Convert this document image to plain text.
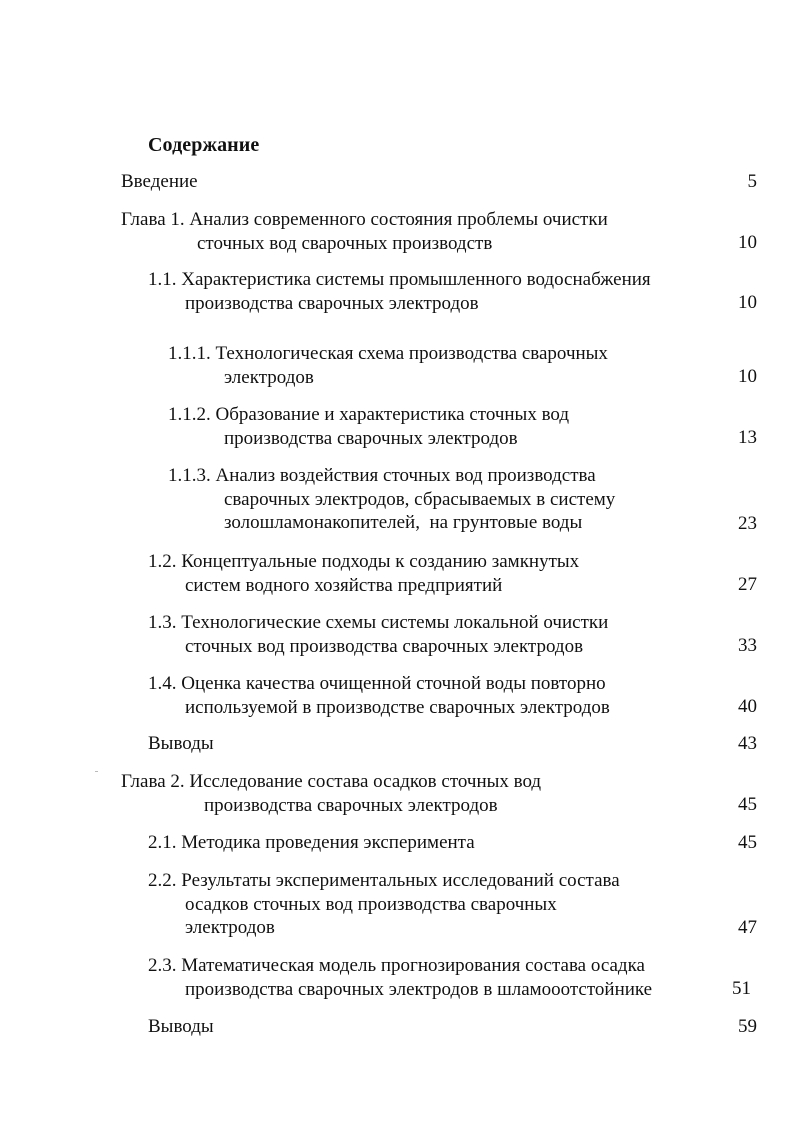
Содержание
Введение	5
Глава 1. Анализ современного состояния проблемы очистки
сточных вод сварочных производств	10
1.1. Характеристика системы промышленного водоснабжения
производства сварочных электродов	10
1.1.1. Технологическая схема производства сварочных
электродов	10
1.1.2. Образование и характеристика сточных вод
производства сварочных электродов	13
1.1.3. Анализ воздействия сточных вод производства
сварочных электродов, сбрасываемых в систему
золошламонакопителей,  на грунтовые воды	23
1.2. Концептуальные подходы к созданию замкнутых
систем водного хозяйства предприятий	27
1.3. Технологические схемы системы локальной очистки
сточных вод производства сварочных электродов	33
1.4. Оценка качества очищенной сточной воды повторно
используемой в производстве сварочных электродов	40
Выводы	43
Глава 2. Исследование состава осадков сточных вод
производства сварочных электродов	45
2.1. Методика проведения эксперимента	45
2.2. Результаты экспериментальных исследований состава
осадков сточных вод производства сварочных
электродов	47
2.3. Математическая модель прогнозирования состава осадка
производства сварочных электродов в шламооотстойнике	51
Выводы	59
